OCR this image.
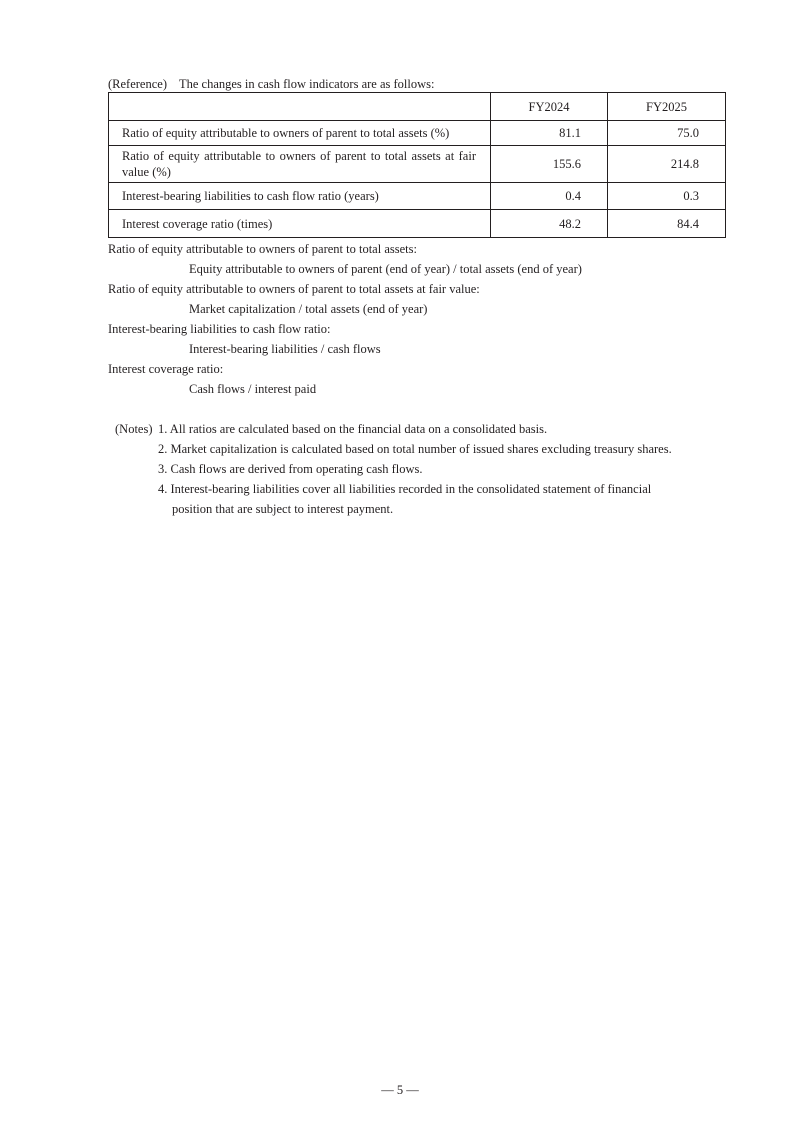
(Reference) The changes in cash flow indicators are as follows:
	FY2024	FY2025
Ratio of equity attributable to owners of parent to total assets (%)	81.1	75.0
Ratio of equity attributable to owners of parent to total assets at fair value (%)	155.6	214.8
Interest-bearing liabilities to cash flow ratio (years)	0.4	0.3
Interest coverage ratio (times)	48.2	84.4
Ratio of equity attributable to owners of parent to total assets:
Equity attributable to owners of parent (end of year) / total assets (end of year)
Ratio of equity attributable to owners of parent to total assets at fair value:
Market capitalization / total assets (end of year)
Interest-bearing liabilities to cash flow ratio:
Interest-bearing liabilities / cash flows
Interest coverage ratio:
Cash flows / interest paid
(Notes) 1. All ratios are calculated based on the financial data on a consolidated basis.
2. Market capitalization is calculated based on total number of issued shares excluding treasury shares.
3. Cash flows are derived from operating cash flows.
4. Interest-bearing liabilities cover all liabilities recorded in the consolidated statement of financial
position that are subject to interest payment.
— 5 —
